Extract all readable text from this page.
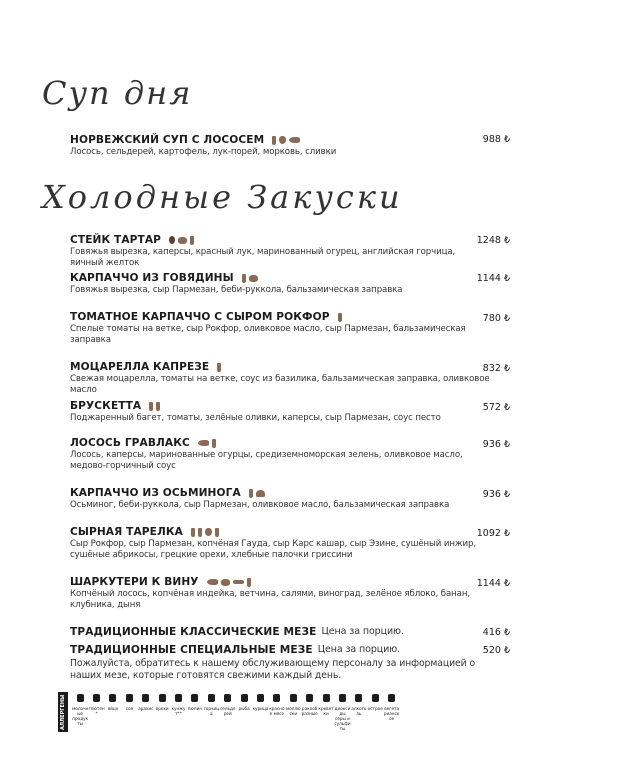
Суп дня
НОРВЕЖСКИЙ СУП С ЛОСОСЕМ
Лосось, сельдерей, картофель, лук-порей, морковь, сливки
988 ₺
Холодные Закуски
СТЕЙК ТАРТАР
Говяжья вырезка, каперсы, красный лук, маринованный огурец, английская горчица, яичный желток
1248 ₺
КАРПАЧЧО ИЗ ГОВЯДИНЫ
Говяжья вырезка, сыр Пармезан, беби-руккола, бальзамическая заправка
1144 ₺
ТОМАТНОЕ КАРПАЧЧО С СЫРОМ РОКФОР
Спелые томаты на ветке, сыр Рокфор, оливковое масло, сыр Пармезан, бальзамическая заправка
780 ₺
МОЦАРЕЛЛА КАПРЕЗЕ
Свежая моцарелла, томаты на ветке, соус из базилика, бальзамическая заправка, оливковое масло
832 ₺
БРУСКЕТТА
Поджаренный багет, томаты, зелёные оливки, каперсы, сыр Пармезан, соус песто
572 ₺
ЛОСОСЬ ГРАВЛАКС
Лосось, каперсы, маринованные огурцы, средиземноморская зелень, оливковое масло, медово-горчичный соус
936 ₺
КАРПАЧЧО ИЗ ОСЬМИНОГА
Осьминог, беби-руккола, сыр Пармезан, оливковое масло, бальзамическая заправка
936 ₺
СЫРНАЯ ТАРЕЛКА
Сыр Рокфор, сыр Пармезан, копчёная Гауда, сыр Карс кашар, сыр Эзине, сушёный инжир, сушёные абрикосы, грецкие орехи, хлебные палочки гриссини
1092 ₺
ШАРКУТЕРИ К ВИНУ
Копчёный лосось, копчёная индейка, ветчина, салями, виноград, зелёное яблоко, банан, клубника, дыня
1144 ₺
ТРАДИЦИОННЫЕ КЛАССИЧЕСКИЕ МЕЗЕ Цена за порцию.	416 ₺
ТРАДИЦИОННЫЕ СПЕЦИАЛЬНЫЕ МЕЗЕ Цена за порцию.
Пожалуйста, обратитесь к нашему обслуживающему персоналу за информацией о наших мезе, которые готовятся свежими каждый день.
520 ₺
АЛЛЕРГЕНЫ	молочные продукты
глютен*
яйцо соя арахис орехи кунжут**
люпин горчица
сельдерей
рыба курица красное мясо
моллюски
ракообразные
креветки
диоксиды серы и сульфиты
алкоголь
острое вегетарианское
